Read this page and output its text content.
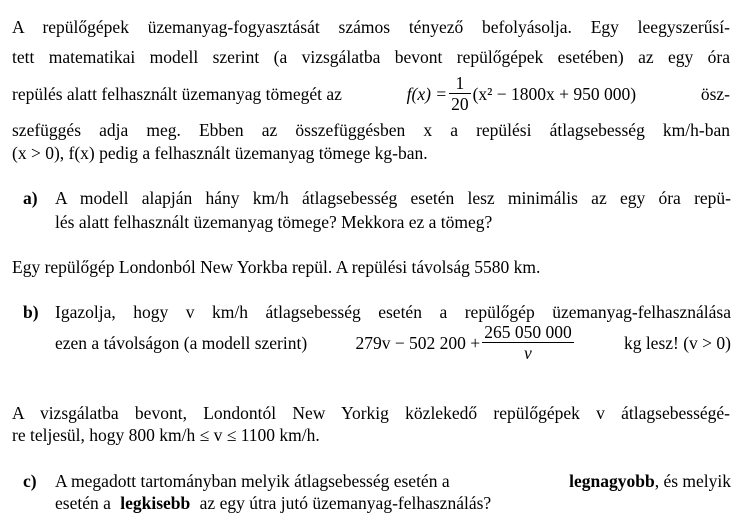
A repülőgépek üzemanyag-fogyasztását számos tényező befolyásolja. Egy leegyszerűsí-
tett matematikai modell szerint (a vizsgálatba bevont repülőgépek esetében) az egy óra
repülés alatt felhasznált üzemanyag tömegét az	$f(x) = \frac{1}{20} (x^2 - 1800x + 950$ 000)	ösz-
szefüggés adja meg. Ebben az összefüggésben x a repülési átlagsebesség km/h-ban
(x > 0), f(x) pedig a felhasznált üzemanyag tömege kg-ban.
a) A modell alapján hány km/h átlagsebesség esetén lesz minimális az egy óra repü-
lés alatt felhasznált üzemanyag tömege? Mekkora ez a tömeg?
Egy repülőgép Londonból New Yorkba repül. A repülési távolság 5580 km.
b) Igazolja, hogy v km/h átlagsebesség esetén a repülőgép üzemanyag-felhasználása
ezen a távolságon (a modell szerint)	279v − 502 $200 + \frac{265 050 000}{v}$	kg lesz! (v > 0)
A vizsgálatba bevont, Londontól New Yorkig közlekedő repülőgépek v átlagsebességé-
re teljesül, hogy 800 km/h ≤ v ≤ 1100 km/h.
c) A megadott tartományban melyik átlagsebesség esetén a	legnagyobb , és melyik
esetén a legkisebb az egy útra jutó üzemanyag-felhasználás?
